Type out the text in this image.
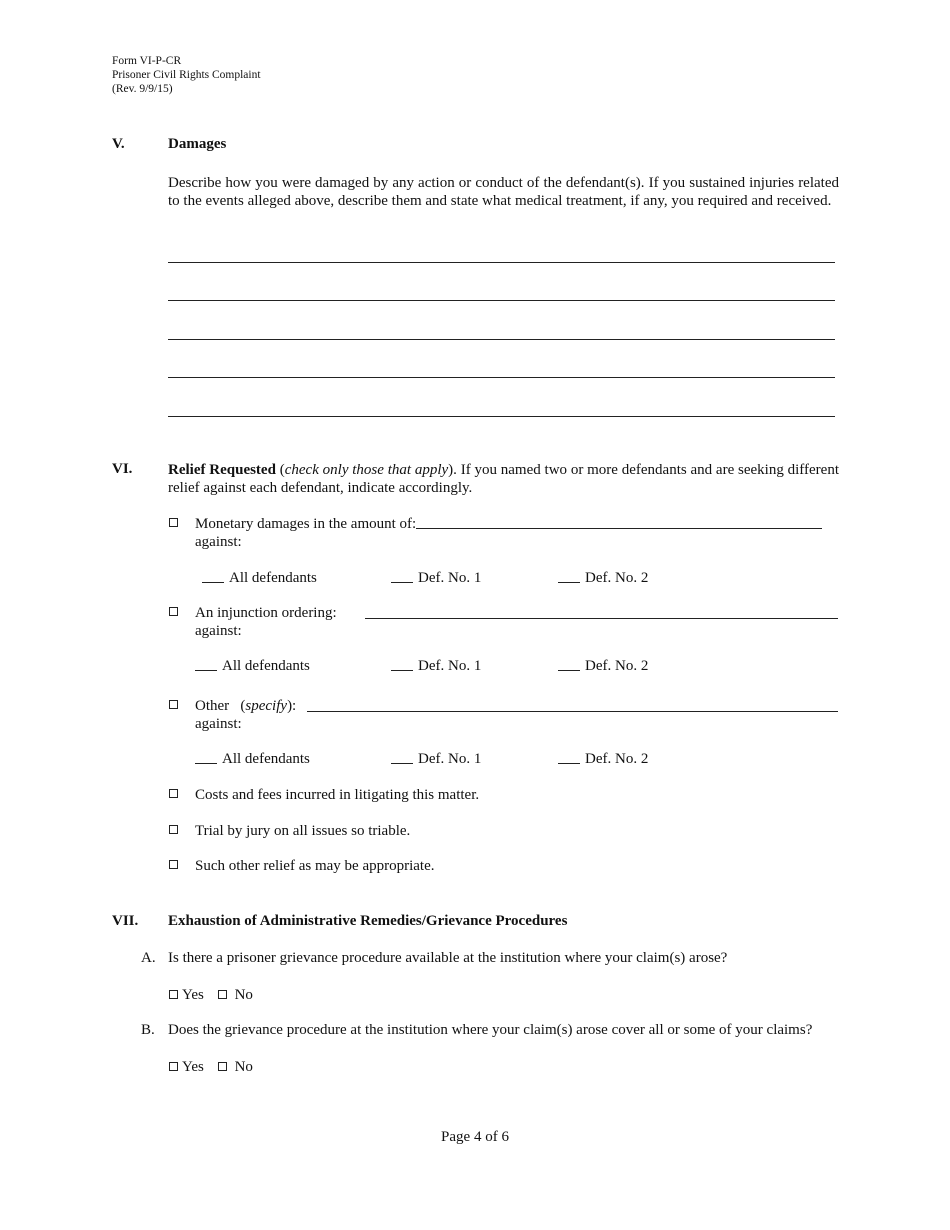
Form VI-P-CR
Prisoner Civil Rights Complaint
(Rev. 9/9/15)
V.	Damages
Describe how you were damaged by any action or conduct of the defendant(s). If you sustained injuries related to the events alleged above, describe them and state what medical treatment, if any, you required and received.
VI. Relief Requested (check only those that apply). If you named two or more defendants and are seeking different relief against each defendant, indicate accordingly.
Monetary damages in the amount of:
against:
All defendants	Def. No. 1	Def. No. 2
An injunction ordering:
against:
All defendants	Def. No. 1	Def. No. 2
Other   (specify):
against:
All defendants	Def. No. 1	Def. No. 2
Costs and fees incurred in litigating this matter.
Trial by jury on all issues so triable.
Such other relief as may be appropriate.
VII. Exhaustion of Administrative Remedies/Grievance Procedures
A. Is there a prisoner grievance procedure available at the institution where your claim(s) arose?
Yes No
B. Does the grievance procedure at the institution where your claim(s) arose cover all or some of your claims?
Yes No
Page 4 of 6
